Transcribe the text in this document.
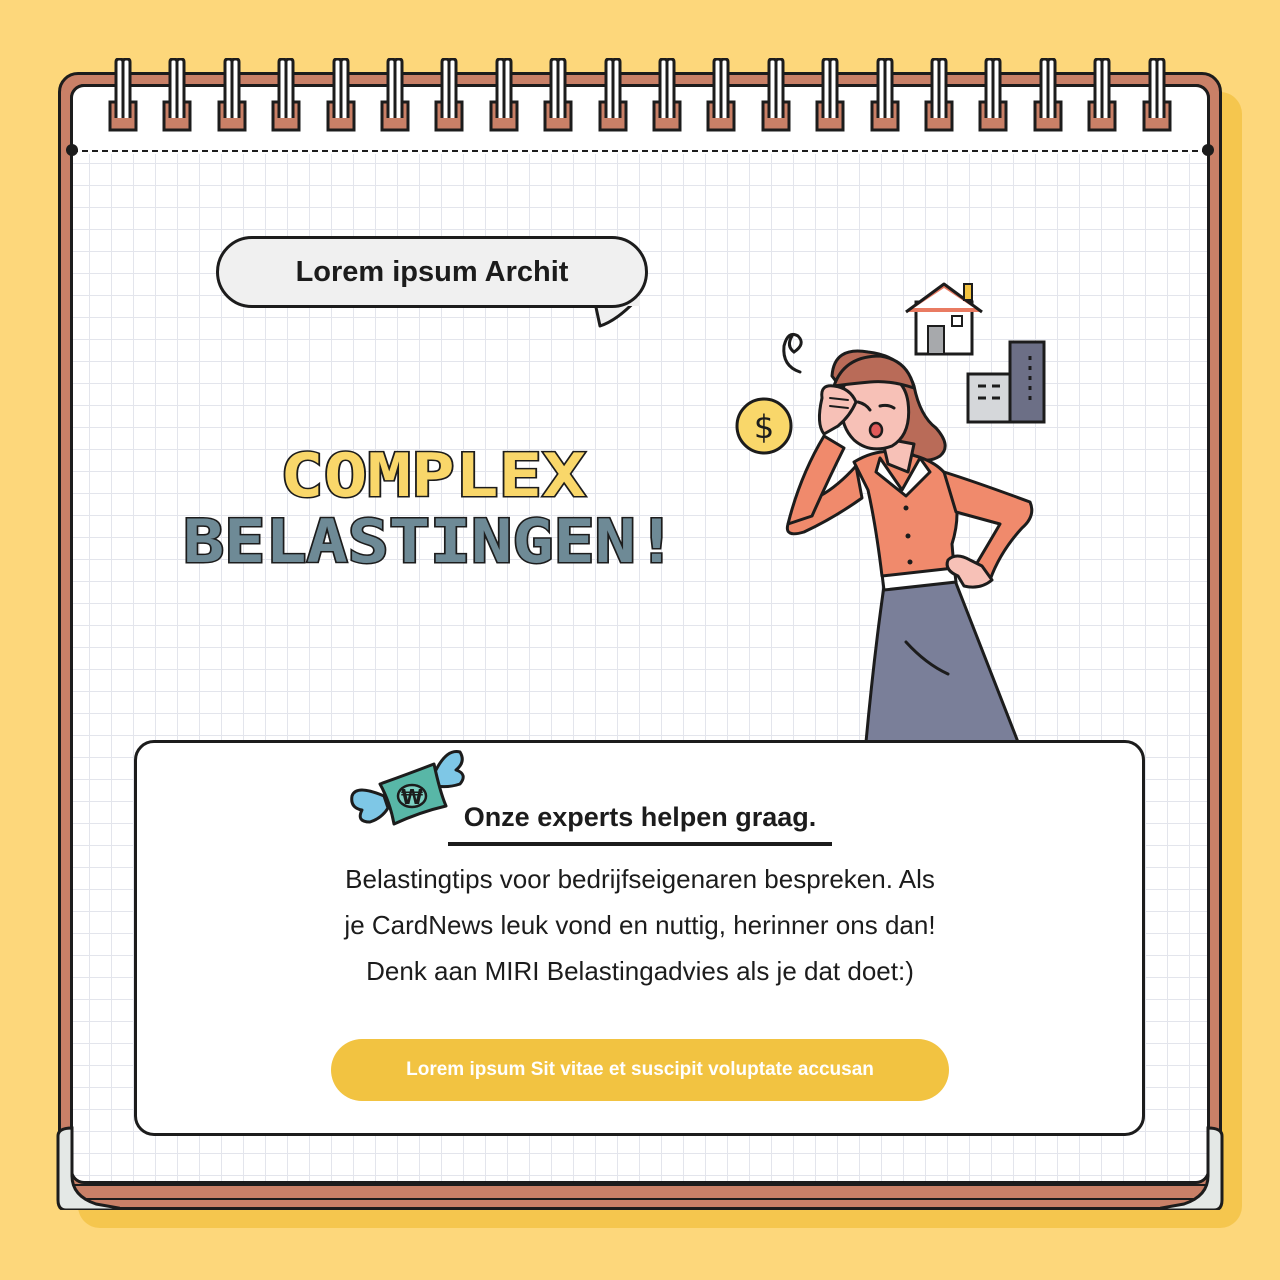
Lorem ipsum Archit
COMPLEX
BELASTINGEN!
$
₩
Onze experts helpen graag.
Belastingtips voor bedrijfseigenaren bespreken. Als
je CardNews leuk vond en nuttig, herinner ons dan!
Denk aan MIRI Belastingadvies als je dat doet:)
Lorem ipsum Sit vitae et suscipit voluptate accusan
